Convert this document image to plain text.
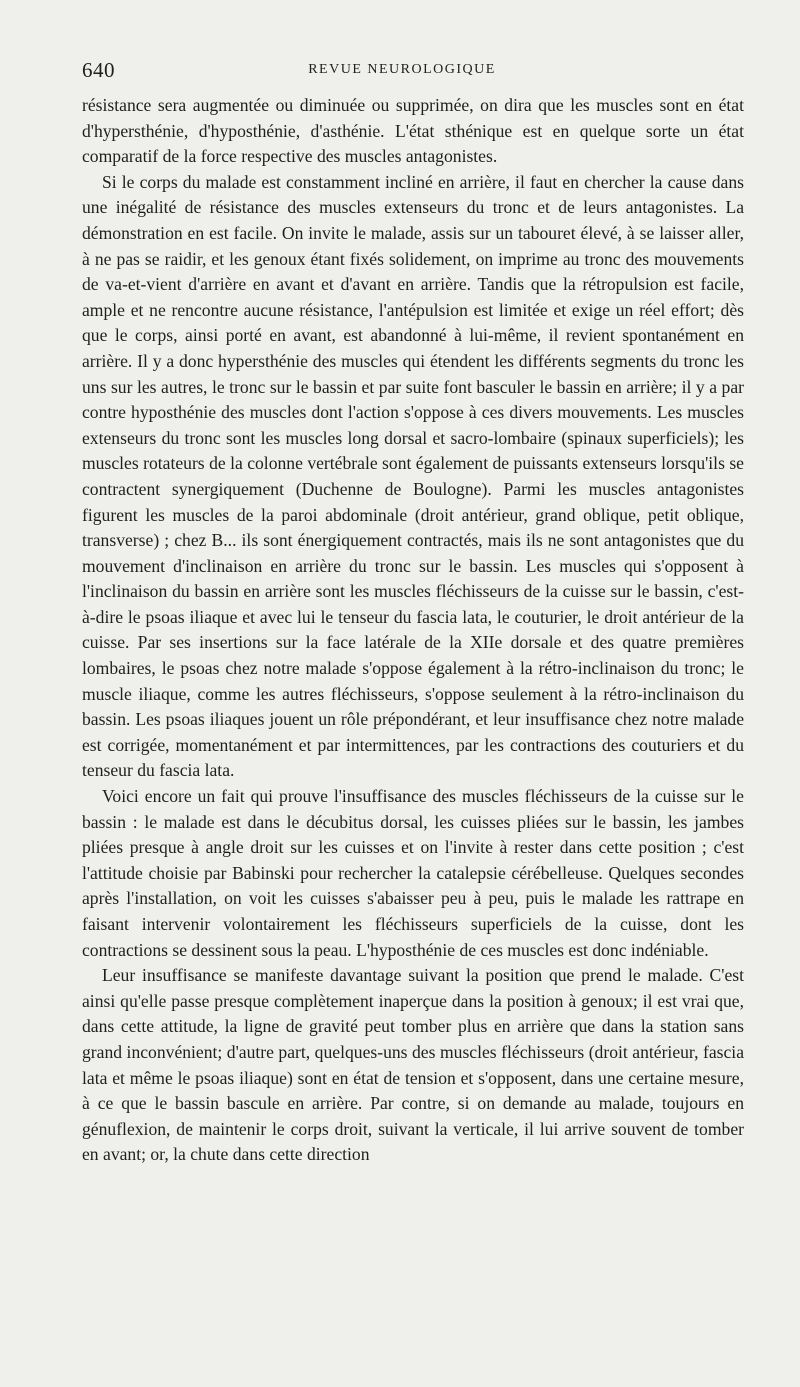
640	REVUE NEUROLOGIQUE

résistance sera augmentée ou diminuée ou supprimée, on dira que les muscles sont en état d'hypersthénie, d'hyposthénie, d'asthénie. L'état sthénique est en quelque sorte un état comparatif de la force respective des muscles antagonistes.

Si le corps du malade est constamment incliné en arrière, il faut en chercher la cause dans une inégalité de résistance des muscles extenseurs du tronc et de leurs antagonistes. La démonstration en est facile. On invite le malade, assis sur un tabouret élevé, à se laisser aller, à ne pas se raidir, et les genoux étant fixés solidement, on imprime au tronc des mouvements de va-et-vient d'arrière en avant et d'avant en arrière. Tandis que la rétropulsion est facile, ample et ne rencontre aucune résistance, l'antépulsion est limitée et exige un réel effort; dès que le corps, ainsi porté en avant, est abandonné à lui-même, il revient spontanément en arrière. Il y a donc hypersthénie des muscles qui étendent les différents segments du tronc les uns sur les autres, le tronc sur le bassin et par suite font basculer le bassin en arrière; il y a par contre hyposthénie des muscles dont l'action s'oppose à ces divers mouvements. Les muscles extenseurs du tronc sont les muscles long dorsal et sacro-lombaire (spinaux superficiels); les muscles rotateurs de la colonne vertébrale sont également de puissants extenseurs lorsqu'ils se contractent synergiquement (Duchenne de Boulogne). Parmi les muscles antagonistes figurent les muscles de la paroi abdominale (droit antérieur, grand oblique, petit oblique, transverse) ; chez B... ils sont énergiquement contractés, mais ils ne sont antagonistes que du mouvement d'inclinaison en arrière du tronc sur le bassin. Les muscles qui s'opposent à l'inclinaison du bassin en arrière sont les muscles fléchisseurs de la cuisse sur le bassin, c'est-à-dire le psoas iliaque et avec lui le tenseur du fascia lata, le couturier, le droit antérieur de la cuisse. Par ses insertions sur la face latérale de la XIIe dorsale et des quatre premières lombaires, le psoas chez notre malade s'oppose également à la rétro-inclinaison du tronc; le muscle iliaque, comme les autres fléchisseurs, s'oppose seulement à la rétro-inclinaison du bassin. Les psoas iliaques jouent un rôle prépondérant, et leur insuffisance chez notre malade est corrigée, momentanément et par intermittences, par les contractions des couturiers et du tenseur du fascia lata.

Voici encore un fait qui prouve l'insuffisance des muscles fléchisseurs de la cuisse sur le bassin : le malade est dans le décubitus dorsal, les cuisses pliées sur le bassin, les jambes pliées presque à angle droit sur les cuisses et on l'invite à rester dans cette position ; c'est l'attitude choisie par Babinski pour rechercher la catalepsie cérébelleuse. Quelques secondes après l'installation, on voit les cuisses s'abaisser peu à peu, puis le malade les rattrape en faisant intervenir volontairement les fléchisseurs superficiels de la cuisse, dont les contractions se dessinent sous la peau. L'hyposthénie de ces muscles est donc indéniable.

Leur insuffisance se manifeste davantage suivant la position que prend le malade. C'est ainsi qu'elle passe presque complètement inaperçue dans la position à genoux; il est vrai que, dans cette attitude, la ligne de gravité peut tomber plus en arrière que dans la station sans grand inconvénient; d'autre part, quelques-uns des muscles fléchisseurs (droit antérieur, fascia lata et même le psoas iliaque) sont en état de tension et s'opposent, dans une certaine mesure, à ce que le bassin bascule en arrière. Par contre, si on demande au malade, toujours en génuflexion, de maintenir le corps droit, suivant la verticale, il lui arrive souvent de tomber en avant; or, la chute dans cette direction
